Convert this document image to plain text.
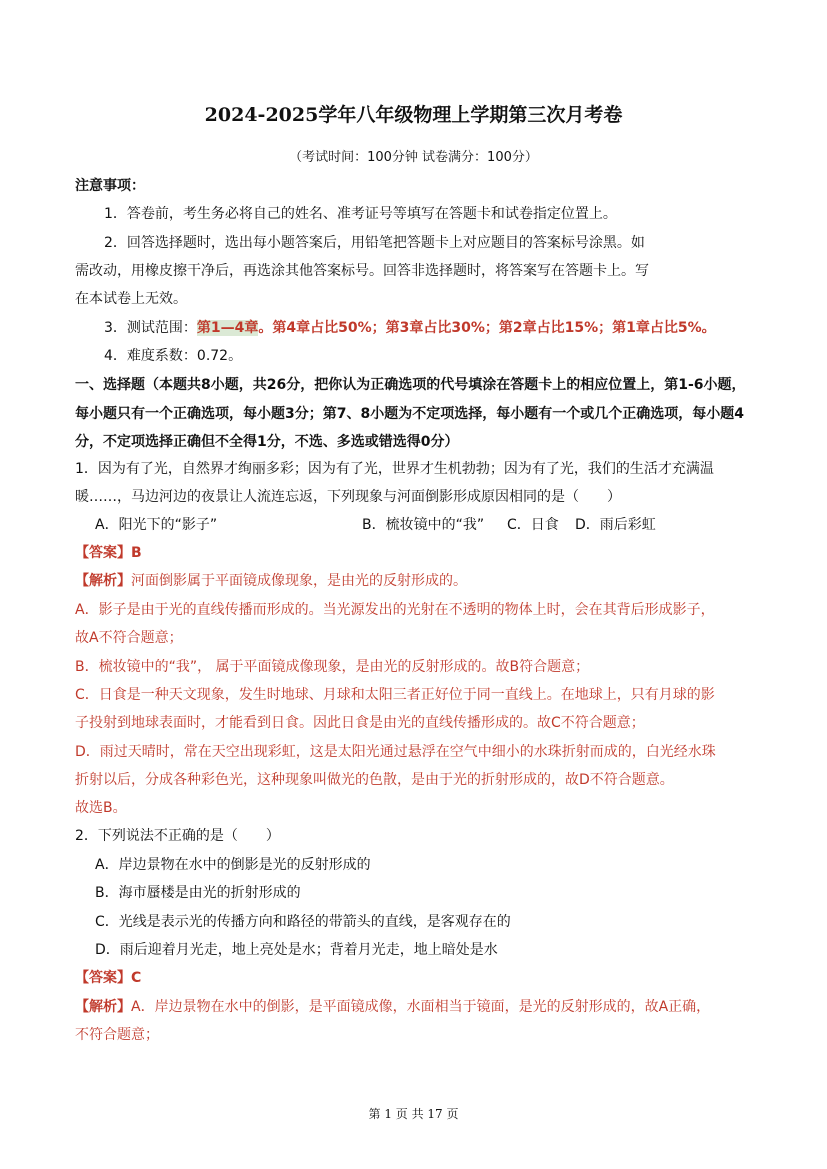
2024-2025学年八年级物理上学期第三次月考卷
（考试时间：100分钟 试卷满分：100分）
注意事项：
1．答卷前，考生务必将自己的姓名、准考证号等填写在答题卡和试卷指定位置上。
2．回答选择题时，选出每小题答案后，用铅笔把答题卡上对应题目的答案标号涂黑。如
需改动，用橡皮擦干净后，再选涂其他答案标号。回答非选择题时，将答案写在答题卡上。写
在本试卷上无效。
3．测试范围：第1—4章。第4章占比50%；第3章占比30%；第2章占比15%；第1章占比5%。
4．难度系数：0.72。
一、选择题（本题共8小题，共26分，把你认为正确选项的代号填涂在答题卡上的相应位置上，第1-6小题，
每小题只有一个正确选项，每小题3分；第7、8小题为不定项选择，每小题有一个或几个正确选项，每小题4
分，不定项选择正确但不全得1分，不选、多选或错选得0分）
1．因为有了光，自然界才绚丽多彩；因为有了光，世界才生机勃勃；因为有了光，我们的生活才充满温
暖……，马边河边的夜景让人流连忘返，下列现象与河面倒影形成原因相同的是（　　）
A．阳光下的“影子”	B．梳妆镜中的“我” C．日食 D．雨后彩虹
【答案】B
【解析】河面倒影属于平面镜成像现象，是由光的反射形成的。
A．影子是由于光的直线传播而形成的。当光源发出的光射在不透明的物体上时，会在其背后形成影子，
故A不符合题意；
B．梳妆镜中的“我”， 属于平面镜成像现象，是由光的反射形成的。故B符合题意；
C．日食是一种天文现象，发生时地球、月球和太阳三者正好位于同一直线上。在地球上，只有月球的影
子投射到地球表面时，才能看到日食。因此日食是由光的直线传播形成的。故C不符合题意；
D．雨过天晴时，常在天空出现彩虹，这是太阳光通过悬浮在空气中细小的水珠折射而成的，白光经水珠
折射以后，分成各种彩色光，这种现象叫做光的色散，是由于光的折射形成的，故D不符合题意。
故选B。
2．下列说法不正确的是（　　）
A．岸边景物在水中的倒影是光的反射形成的
B．海市蜃楼是由光的折射形成的
C．光线是表示光的传播方向和路径的带箭头的直线，是客观存在的
D．雨后迎着月光走，地上亮处是水；背着月光走，地上暗处是水
【答案】C
【解析】A．岸边景物在水中的倒影，是平面镜成像，水面相当于镜面，是光的反射形成的，故A正确，
不符合题意；
第 1 页 共 17 页
